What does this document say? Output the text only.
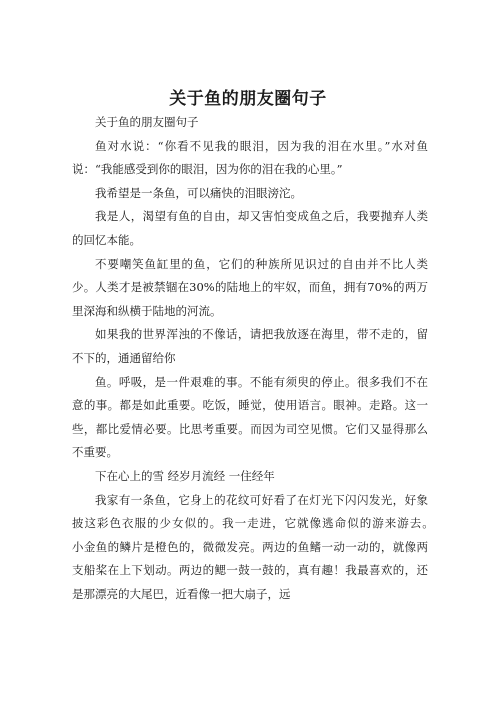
关于鱼的朋友圈句子

关于鱼的朋友圈句子

鱼对水说：“你看不见我的眼泪，因为我的泪在水里。”水对鱼说：“我能感受到你的眼泪，因为你的泪在我的心里。”

我希望是一条鱼，可以痛快的泪眼滂沱。

我是人，渴望有鱼的自由，却又害怕变成鱼之后，我要抛弃人类的回忆本能。

不要嘲笑鱼缸里的鱼，它们的种族所见识过的自由并不比人类少。人类才是被禁锢在30%的陆地上的牢奴，而鱼，拥有70%的两万里深海和纵横于陆地的河流。

如果我的世界浑浊的不像话，请把我放逐在海里，带不走的，留不下的，通通留给你

鱼。呼吸，是一件艰难的事。不能有须臾的停止。很多我们不在意的事。都是如此重要。吃饭，睡觉，使用语言。眼神。走路。这一些，都比爱情必要。比思考重要。而因为司空见惯。它们又显得那么不重要。

下在心上的雪 经岁月流经 一住经年

我家有一条鱼，它身上的花纹可好看了在灯光下闪闪发光，好象披这彩色衣服的少女似的。我一走进，它就像逃命似的游来游去。　　小金鱼的鳞片是橙色的，微微发亮。两边的鱼鳍一动一动的，就像两支船桨在上下划动。两边的鳃一鼓一鼓的，真有趣！我最喜欢的，还是那漂亮的大尾巴，近看像一把大扇子，远
